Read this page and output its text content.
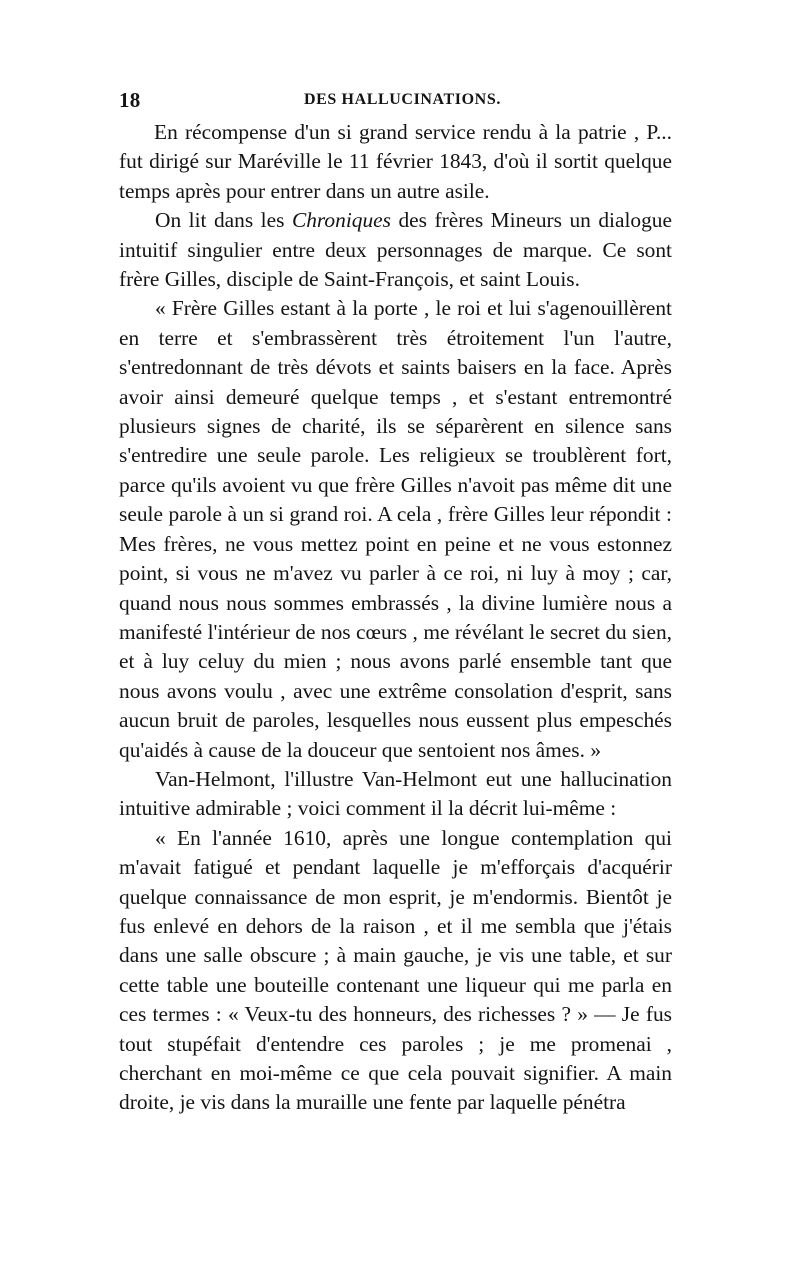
18	DES HALLUCINATIONS.

En récompense d'un si grand service rendu à la patrie , P... fut dirigé sur Maréville le 11 février 1843, d'où il sortit quelque temps après pour entrer dans un autre asile.

On lit dans les Chroniques des frères Mineurs un dialogue intuitif singulier entre deux personnages de marque. Ce sont frère Gilles, disciple de Saint-François, et saint Louis.

« Frère Gilles estant à la porte , le roi et lui s'agenouillèrent en terre et s'embrassèrent très étroitement l'un l'autre, s'entredonnant de très dévots et saints baisers en la face. Après avoir ainsi demeuré quelque temps , et s'estant entremontré plusieurs signes de charité, ils se séparèrent en silence sans s'entredire une seule parole. Les religieux se troublèrent fort, parce qu'ils avoient vu que frère Gilles n'avoit pas même dit une seule parole à un si grand roi. A cela , frère Gilles leur répondit : Mes frères, ne vous mettez point en peine et ne vous estonnez point, si vous ne m'avez vu parler à ce roi, ni luy à moy ; car, quand nous nous sommes embrassés , la divine lumière nous a manifesté l'intérieur de nos cœurs , me révélant le secret du sien, et à luy celuy du mien ; nous avons parlé ensemble tant que nous avons voulu , avec une extrême consolation d'esprit, sans aucun bruit de paroles, lesquelles nous eussent plus empeschés qu'aidés à cause de la douceur que sentoient nos âmes. »

Van-Helmont, l'illustre Van-Helmont eut une hallucination intuitive admirable ; voici comment il la décrit lui-même :

« En l'année 1610, après une longue contemplation qui m'avait fatigué et pendant laquelle je m'efforçais d'acquérir quelque connaissance de mon esprit, je m'endormis. Bientôt je fus enlevé en dehors de la raison , et il me sembla que j'étais dans une salle obscure ; à main gauche, je vis une table, et sur cette table une bouteille contenant une liqueur qui me parla en ces termes : « Veux-tu des honneurs, des richesses ? » — Je fus tout stupéfait d'entendre ces paroles ; je me promenai , cherchant en moi-même ce que cela pouvait signifier. A main droite, je vis dans la muraille une fente par laquelle pénétra
